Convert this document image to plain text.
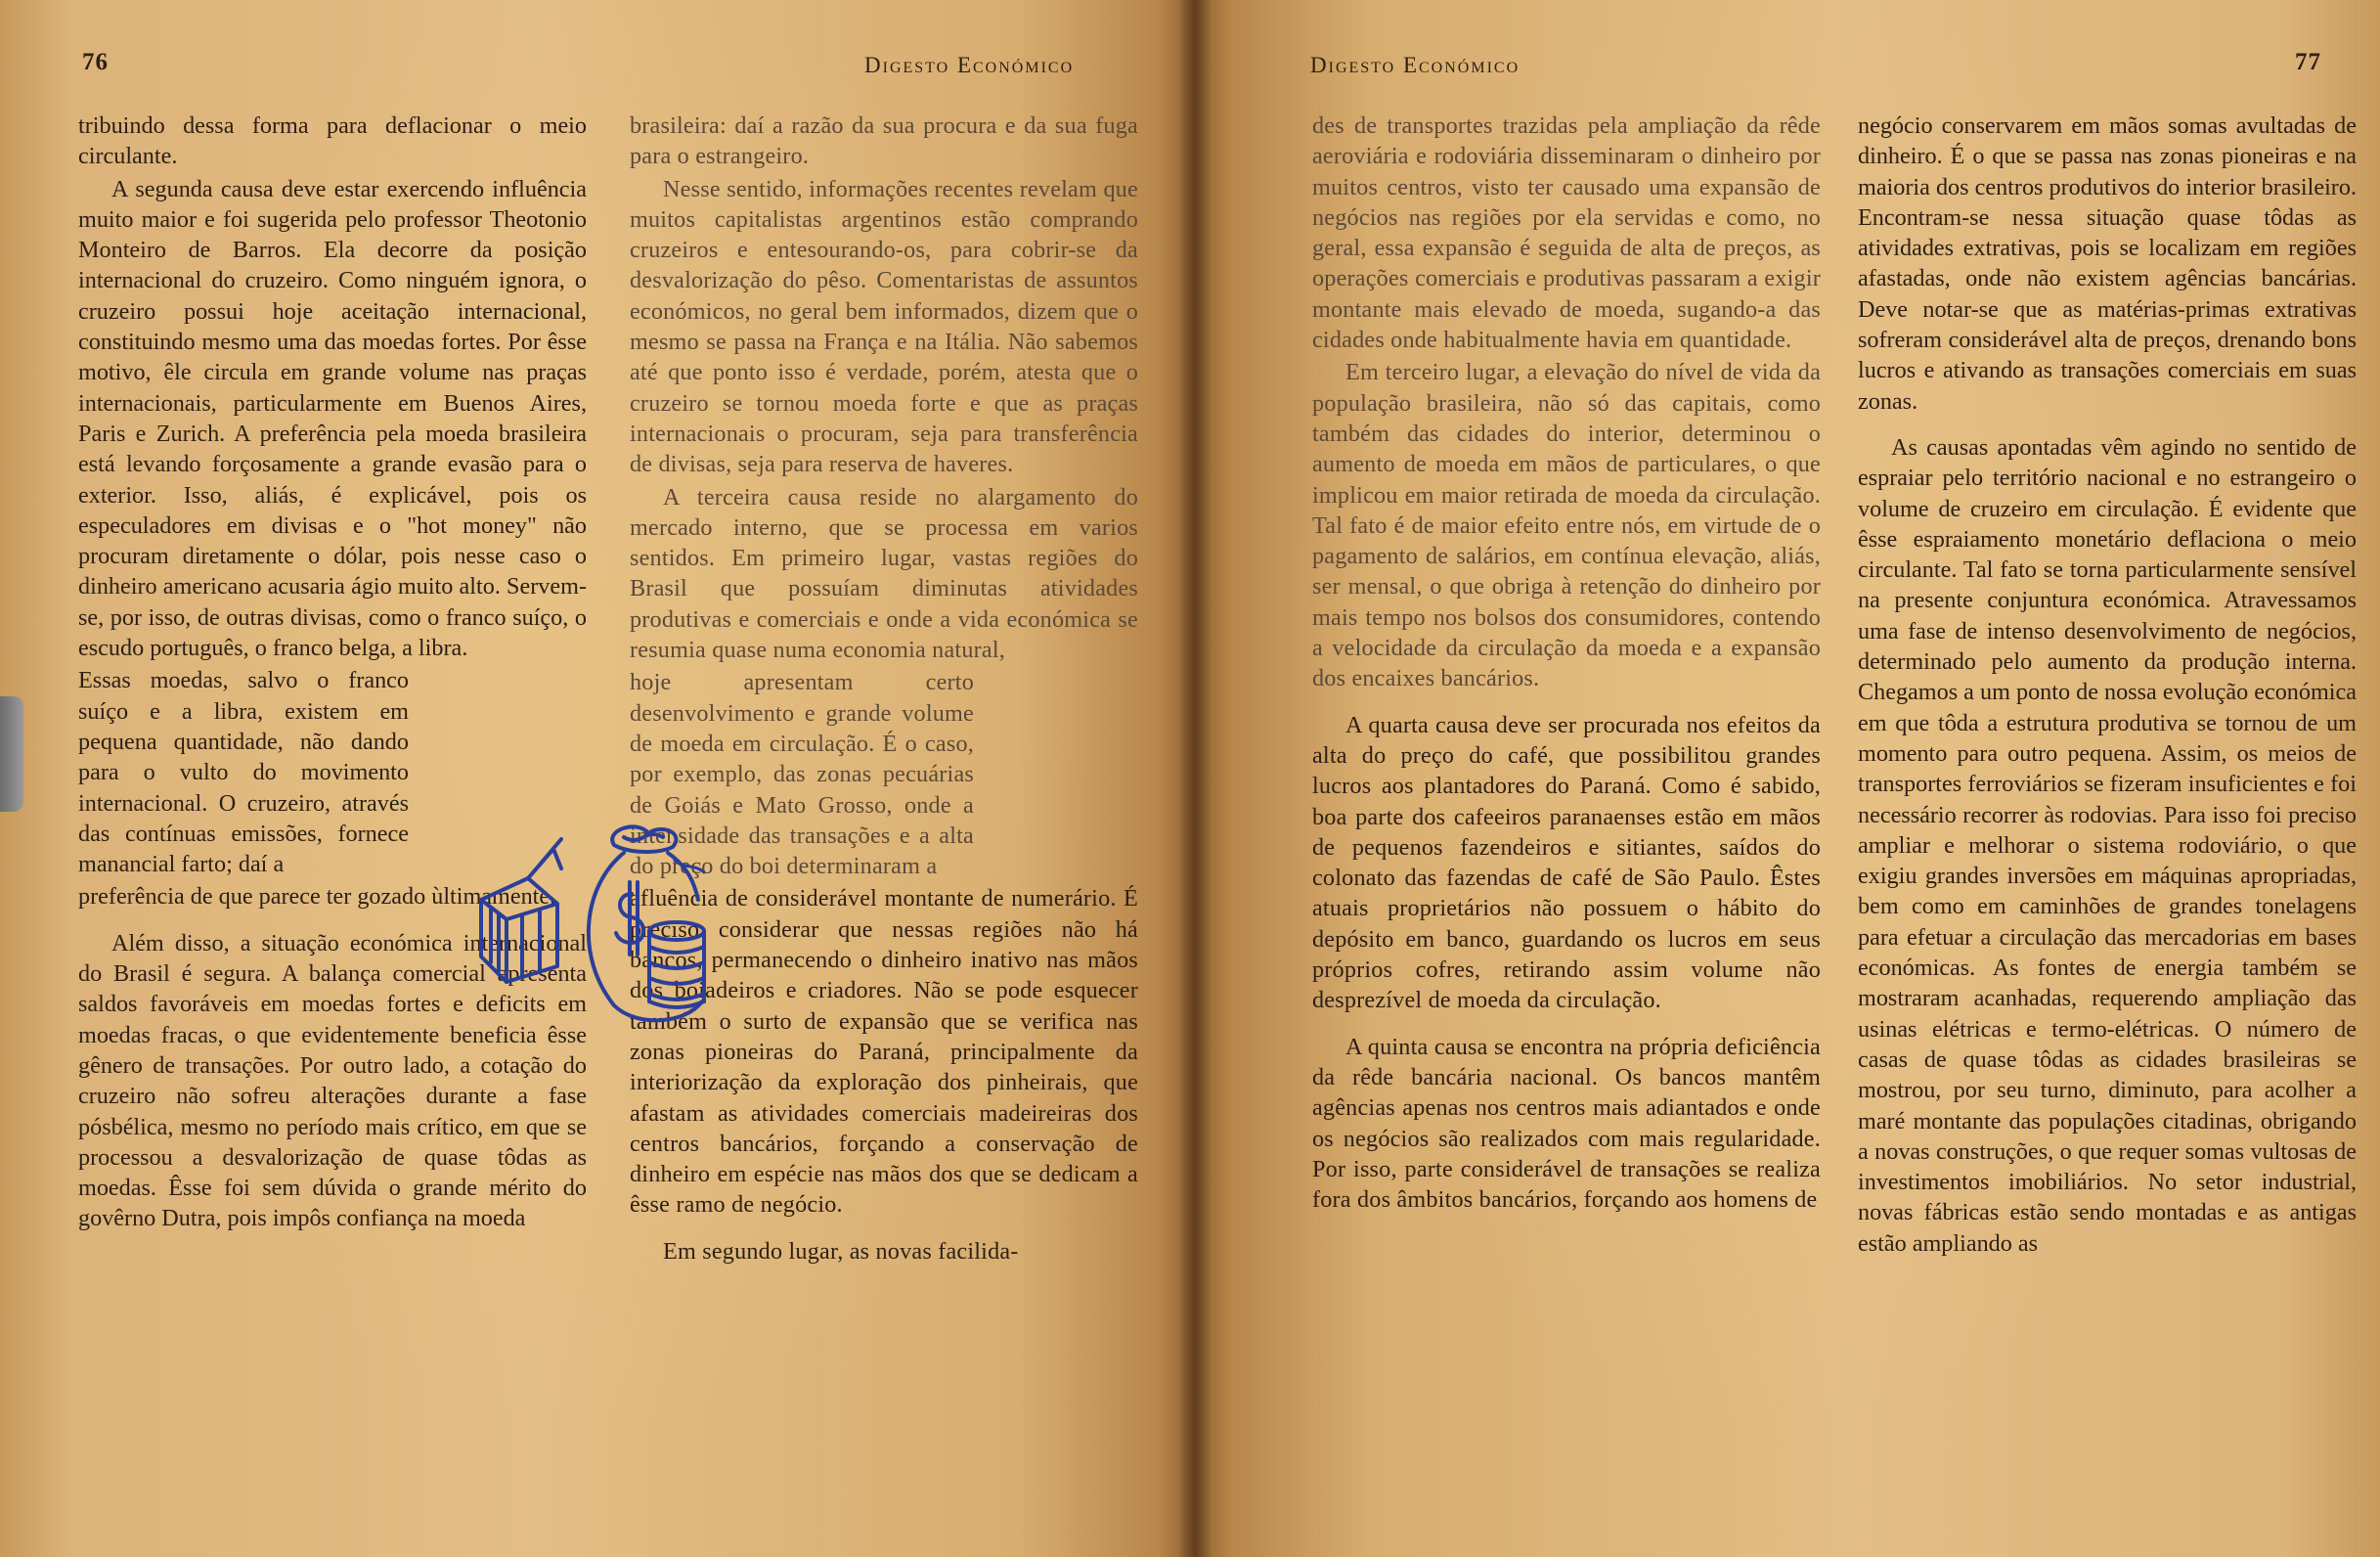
76	Digesto Económico

tribuindo dessa forma para deflacionar o meio circulante.

A segunda causa deve estar exercendo influência muito maior e foi sugerida pelo professor Theotonio Monteiro de Barros. Ela decorre da posição internacional do cruzeiro. Como ninguém ignora, o cruzeiro possui hoje aceitação internacional, constituindo mesmo uma das moedas fortes. Por êsse motivo, êle circula em grande volume nas praças internacionais, particularmente em Buenos Aires, Paris e Zurich. A preferência pela moeda brasileira está levando forçosamente a grande evasão para o exterior. Isso, aliás, é explicável, pois os especuladores em divisas e o "hot money" não procuram diretamente o dólar, pois nesse caso o dinheiro americano acusaria ágio muito alto. Servem-se, por isso, de outras divisas, como o franco suíço, o escudo português, o franco belga, a libra.

Essas moedas, salvo o franco suíço e a libra, existem em pequena quantidade, não dando para o vulto do movimento internacional. O cruzeiro, através das contínuas emissões, fornece manancial farto; daí a

preferência de que parece ter gozado ùltimamente.

Além disso, a situação económica internacional do Brasil é segura. A balança comercial apresenta saldos favoráveis em moedas fortes e deficits em moedas fracas, o que evidentemente beneficia êsse gênero de transações. Por outro lado, a cotação do cruzeiro não sofreu alterações durante a fase pósbélica, mesmo no período mais crítico, em que se processou a desvalorização de quase tôdas as moedas. Êsse foi sem dúvida o grande mérito do govêrno Dutra, pois impôs confiança na moeda

brasileira: daí a razão da sua procura e da sua fuga para o estrangeiro.

Nesse sentido, informações recentes revelam que muitos capitalistas argentinos estão comprando cruzeiros e entesourando-os, para cobrir-se da desvalorização do pêso. Comentaristas de assuntos económicos, no geral bem informados, dizem que o mesmo se passa na França e na Itália. Não sabemos até que ponto isso é verdade, porém, atesta que o cruzeiro se tornou moeda forte e que as praças internacionais o procuram, seja para transferência de divisas, seja para reserva de haveres.

A terceira causa reside no alargamento do mercado interno, que se processa em varios sentidos. Em primeiro lugar, vastas regiões do Brasil que possuíam diminutas atividades produtivas e comerciais e onde a vida económica se resumia quase numa economia natural,

hoje apresentam certo desenvolvimento e grande volume de moeda em circulação. É o caso, por exemplo, das zonas pecuárias de Goiás e Mato Grosso, onde a intensidade das transações e a alta do preço do boi determinaram a

afluência de considerável montante de numerário. É preciso considerar que nessas regiões não há bancos, permanecendo o dinheiro inativo nas mãos dos boiadeiros e criadores. Não se pode esquecer também o surto de expansão que se verifica nas zonas pioneiras do Paraná, principalmente da interiorização da exploração dos pinheirais, que afastam as atividades comerciais madeireiras dos centros bancários, forçando a conservação de dinheiro em espécie nas mãos dos que se dedicam a êsse ramo de negócio.

Em segundo lugar, as novas facilida-

77
Digesto Económico

des de transportes trazidas pela ampliação da rêde aeroviária e rodoviária disseminaram o dinheiro por muitos centros, visto ter causado uma expansão de negócios nas regiões por ela servidas e como, no geral, essa expansão é seguida de alta de preços, as operações comerciais e produtivas passaram a exigir montante mais elevado de moeda, sugando-a das cidades onde habitualmente havia em quantidade.

Em terceiro lugar, a elevação do nível de vida da população brasileira, não só das capitais, como também das cidades do interior, determinou o aumento de moeda em mãos de particulares, o que implicou em maior retirada de moeda da circulação. Tal fato é de maior efeito entre nós, em virtude de o pagamento de salários, em contínua elevação, aliás, ser mensal, o que obriga à retenção do dinheiro por mais tempo nos bolsos dos consumidores, contendo a velocidade da circulação da moeda e a expansão dos encaixes bancários.

A quarta causa deve ser procurada nos efeitos da alta do preço do café, que possibilitou grandes lucros aos plantadores do Paraná. Como é sabido, boa parte dos cafeeiros paranaenses estão em mãos de pequenos fazendeiros e sitiantes, saídos do colonato das fazendas de café de São Paulo. Êstes atuais proprietários não possuem o hábito do depósito em banco, guardando os lucros em seus próprios cofres, retirando assim volume não desprezível de moeda da circulação.

A quinta causa se encontra na própria deficiência da rêde bancária nacional. Os bancos mantêm agências apenas nos centros mais adiantados e onde os negócios são realizados com mais regularidade. Por isso, parte considerável de transações se realiza fora dos âmbitos bancários, forçando aos homens de

negócio conservarem em mãos somas avultadas de dinheiro. É o que se passa nas zonas pioneiras e na maioria dos centros produtivos do interior brasileiro. Encontram-se nessa situação quase tôdas as atividades extrativas, pois se localizam em regiões afastadas, onde não existem agências bancárias. Deve notar-se que as matérias-primas extrativas sofreram considerável alta de preços, drenando bons lucros e ativando as transações comerciais em suas zonas.

As causas apontadas vêm agindo no sentido de espraiar pelo território nacional e no estrangeiro o volume de cruzeiro em circulação. É evidente que êsse espraiamento monetário deflaciona o meio circulante. Tal fato se torna particularmente sensível na presente conjuntura económica. Atravessamos uma fase de intenso desenvolvimento de negócios, determinado pelo aumento da produção interna. Chegamos a um ponto de nossa evolução económica em que tôda a estrutura produtiva se tornou de um momento para outro pequena. Assim, os meios de transportes ferroviários se fizeram insuficientes e foi necessário recorrer às rodovias. Para isso foi preciso ampliar e melhorar o sistema rodoviário, o que exigiu grandes inversões em máquinas apropriadas, bem como em caminhões de grandes tonelagens para efetuar a circulação das mercadorias em bases económicas. As fontes de energia também se mostraram acanhadas, requerendo ampliação das usinas elétricas e termo-elétricas. O número de casas de quase tôdas as cidades brasileiras se mostrou, por seu turno, diminuto, para acolher a maré montante das populações citadinas, obrigando a novas construções, o que requer somas vultosas de investimentos imobiliários. No setor industrial, novas fábricas estão sendo montadas e as antigas estão ampliando as
